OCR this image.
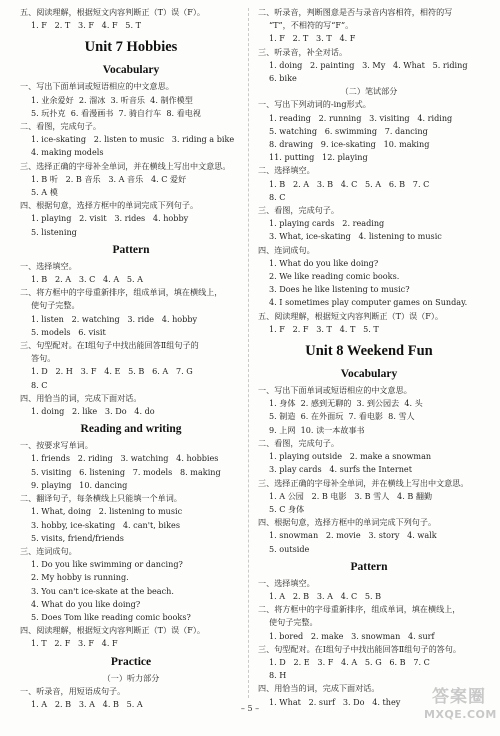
五、阅读理解，根据短文内容判断正（T）误（F）。
1. F   2. T   3. F   4. F   5. T
Unit 7 Hobbies
Vocabulary
一、写出下面单词或短语相应的中文意思。
1. 业余爱好  2. 溜冰  3. 听音乐  4. 制作模型
5. 玩扑克  6. 看漫画书  7. 骑自行车  8. 看电视
二、看图，完成句子。
1. ice-skating   2. listen to music   3. riding a bike
4. making models
三、选择正确的字母补全单词，并在横线上写出中文意思。
1. B 听   2. B 音乐   3. A 音乐   4. C 爱好
5. A 模
四、根据句意，选择方框中的单词完成下列句子。
1. playing   2. visit   3. rides   4. hobby
5. listening
Pattern
一、选择填空。
1. B   2. A   3. C   4. A   5. A
二、将方框中的字母重新排序，组成单词，填在横线上，
使句子完整。
1. listen   2. watching   3. ride   4. hobby
5. models   6. visit
三、句型配对。在Ⅰ组句子中找出能回答Ⅱ组句子的
答句。
1. D   2. H   3. F   4. E   5. B   6. A   7. G
8. C
四、用恰当的词，完成下面对话。
1. doing   2. like   3. Do   4. do
Reading and writing
一、按要求写单词。
1. friends   2. riding   3. watching   4. hobbies
5. visiting   6. listening   7. models   8. making
9. playing   10. dancing
二、翻译句子，每条横线上只能填一个单词。
1. What, doing   2. listening to music
3. hobby, ice-skating   4. can't, bikes
5. visits, friend/friends
三、连词成句。
1. Do you like swimming or dancing?
2. My hobby is running.
3. You can't ice-skate at the beach.
4. What do you like doing?
5. Does Tom like reading comic books?
四、阅读理解，根据短文内容判断正（T）误（F）。
1. T   2. F   3. F   4. F
Practice
（一）听力部分
一、听录音，用短语成句子。
1. A   2. B   3. A   4. B   5. A
二、听录音，判断图意是否与录音内容相符，相符的写
“T”，不相符的写“F”。
1. F   2. T   3. T   4. F
三、听录音，补全对话。
1. doing   2. painting   3. My   4. What   5. riding
6. bike
（二）笔试部分
一、写出下列动词的-ing形式。
1. reading   2. running   3. visiting   4. riding
5. watching   6. swimming   7. dancing
8. drawing   9. ice-skating   10. making
11. putting   12. playing
二、选择填空。
1. B   2. A   3. B   4. C   5. A   6. B   7. C
8. C
三、看图，完成句子。
1. playing cards   2. reading
3. What, ice-skating   4. listening to music
四、连词成句。
1. What do you like doing?
2. We like reading comic books.
3. Does he like listening to music?
4. I sometimes play computer games on Sunday.
五、阅读理解，根据短文内容判断正（T）误（F）。
1. F   2. F   3. T   4. T   5. T
Unit 8 Weekend Fun
Vocabulary
一、写出下面单词或短语相应的中文意思。
1. 身体  2. 感到无聊的  3. 到公园去  4. 头
5. 制造  6. 在外面玩  7. 看电影  8. 雪人
9. 上网  10. 读一本故事书
二、看图，完成句子。
1. playing outside   2. make a snowman
3. play cards   4. surfs the Internet
三、选择正确的字母补全单词，并在横线上写出中文意思。
1. A 公园   2. B 电影   3. B 雪人   4. B 翻勤
5. C 身体
四、根据句意，选择方框中的单词完成下列句子。
1. snowman   2. movie   3. story   4. walk
5. outside
Pattern
一、选择填空。
1. A   2. B   3. A   4. C   5. B
二、将方框中的字母重新排序，组成单词，填在横线上，
使句子完整。
1. bored   2. make   3. snowman   4. surf
三、句型配对。在Ⅰ组句子中找出能回答Ⅱ组句子的答句。
1. D   2. E   3. F   4. A   5. G   6. B   7. C
8. H
四、用恰当的词，完成下面对话。
1. What   2. surf   3. Do   4. they
– 5 –
答案圈
MXQE.COM
